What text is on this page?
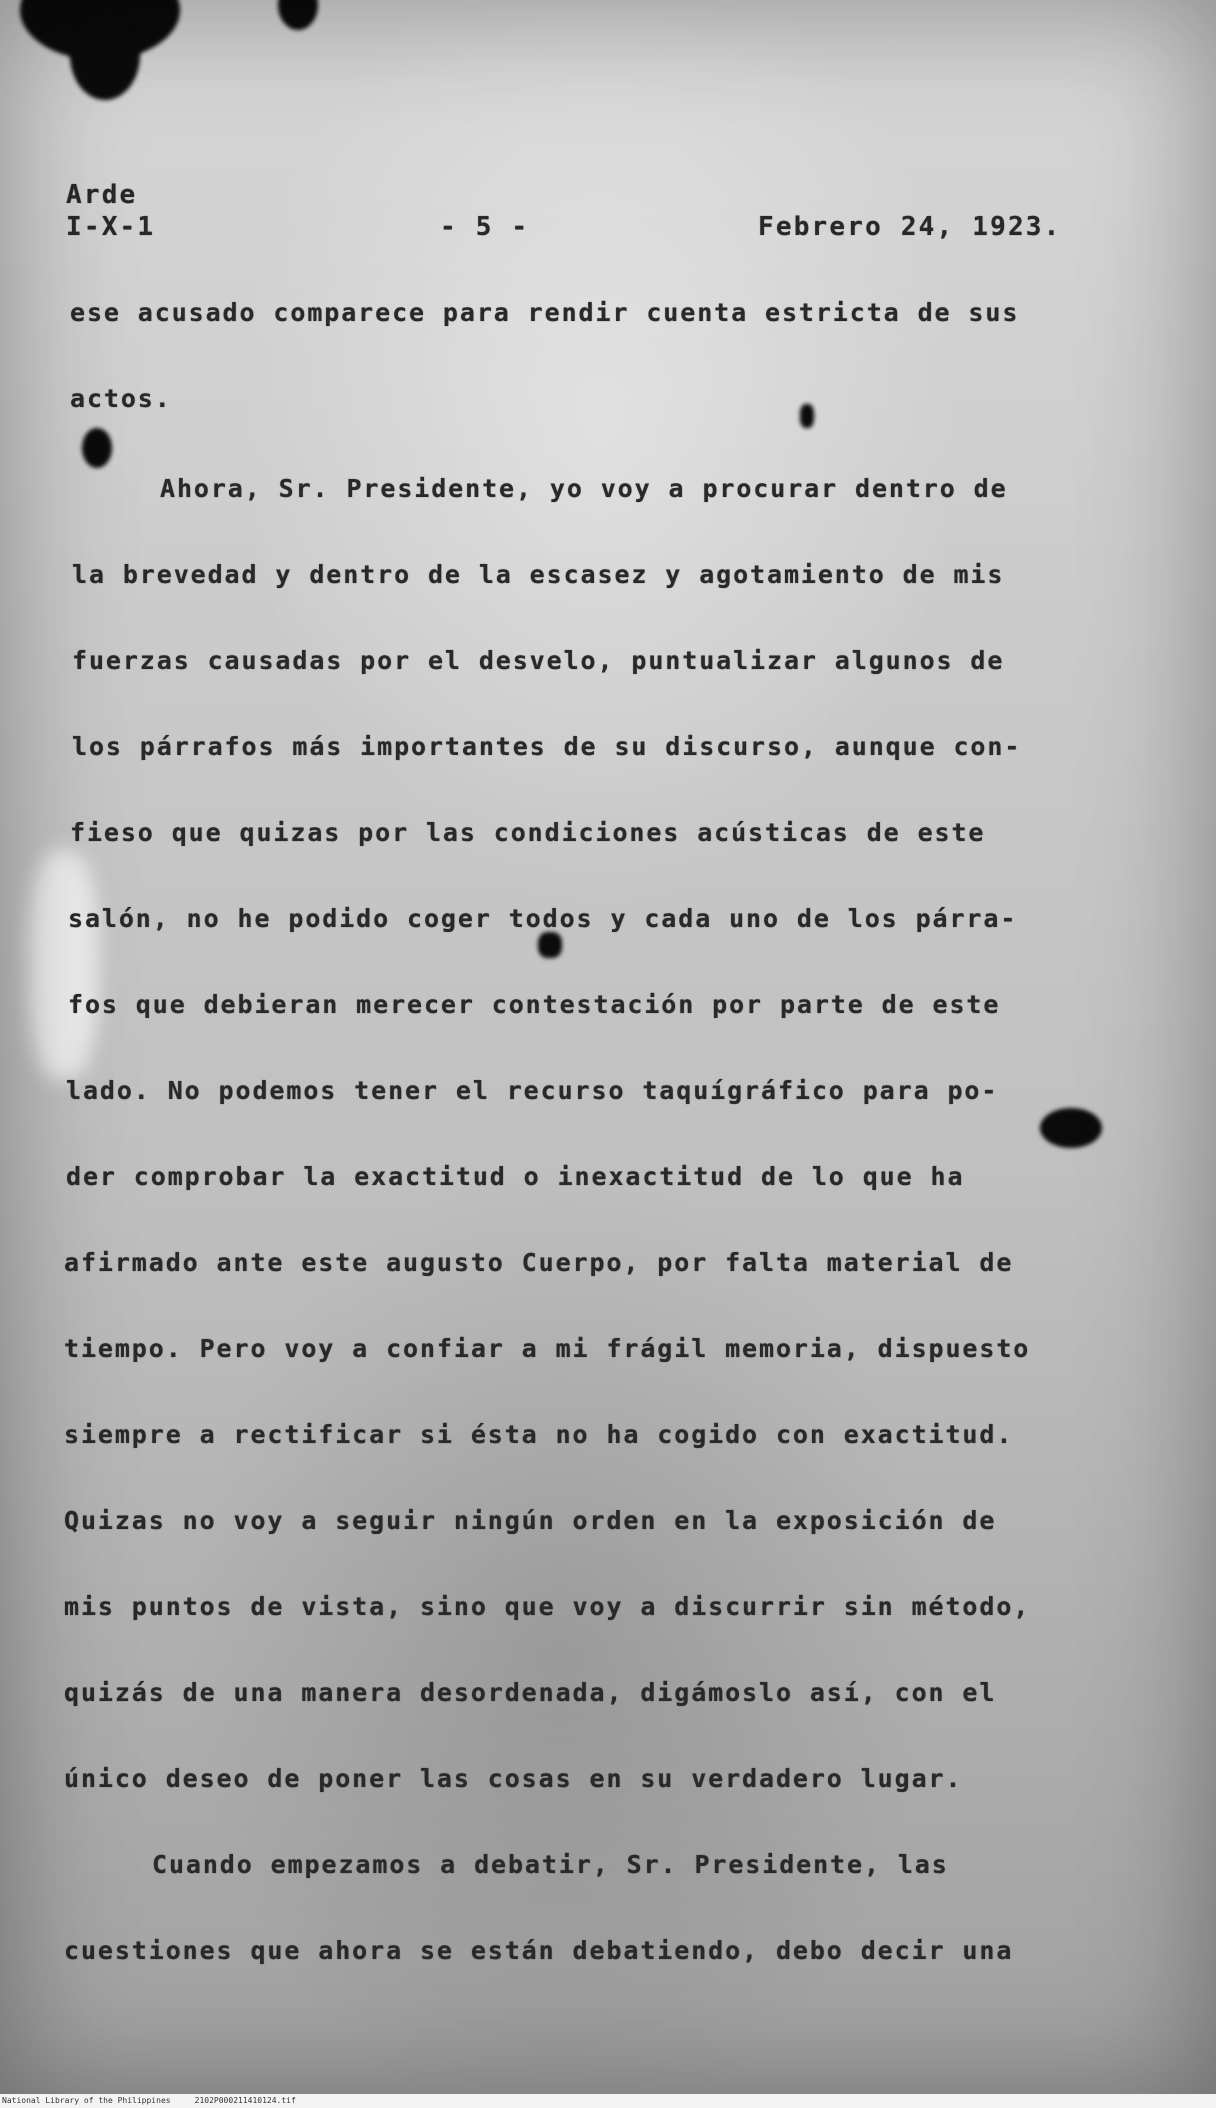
Arde
I-X-1	- 5 -	Febrero 24, 1923.
ese acusado comparece para rendir cuenta estricta de sus
actos.
Ahora, Sr. Presidente, yo voy a procurar dentro de
la brevedad y dentro de la escasez y agotamiento de mis
fuerzas causadas por el desvelo, puntualizar algunos de
los párrafos más importantes de su discurso, aunque con-
fieso que quizas por las condiciones acústicas de este
salón, no he podido coger todos y cada uno de los párra-
fos que debieran merecer contestación por parte de este
lado. No podemos tener el recurso taquígráfico para po-
der comprobar la exactitud o inexactitud de lo que ha
afirmado ante este augusto Cuerpo, por falta material de
tiempo. Pero voy a confiar a mi frágil memoria, dispuesto
siempre a rectificar si ésta no ha cogido con exactitud.
Quizas no voy a seguir ningún orden en la exposición de
mis puntos de vista, sino que voy a discurrir sin método,
quizás de una manera desordenada, digámoslo así, con el
único deseo de poner las cosas en su verdadero lugar.
Cuando empezamos a debatir, Sr. Presidente, las
cuestiones que ahora se están debatiendo, debo decir una
National Library of the Philippines     2102P000211410124.tif
